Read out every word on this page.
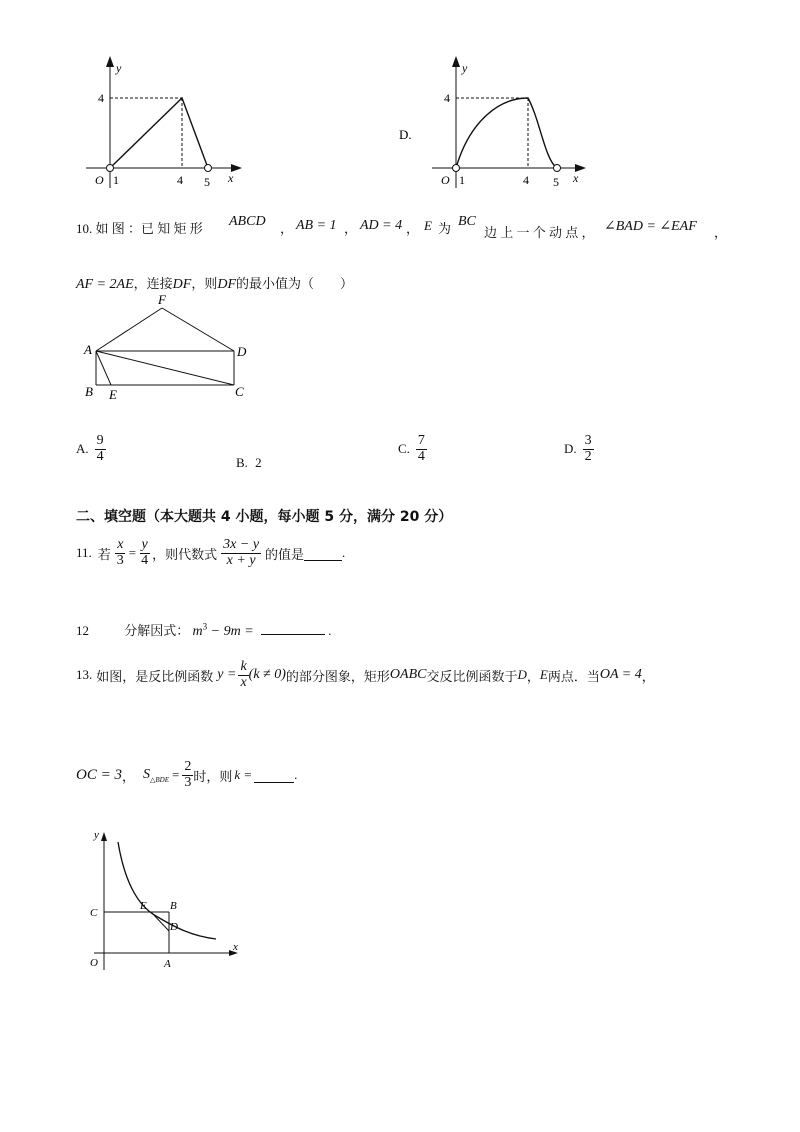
y
4
O 1	4 5 x
D.
y
4
O 1	4 5 x
10. 如 图 ：已 知 矩 形 ABCD ， AB = 1 ， AD = 4 ， E 为 BC
边 上 一 个 动 点 ， ∠BAD = ∠EAF ，
AF = 2AE，连接DF，则DF的最小值为（　　）
F
A	D
B E	C
A. $\frac{9}{4}$	B. 2
C. $\frac{7}{4}$	D. $\frac{3}{2}$
二、填空题（本大题共 4 小题，每小题 5 分，满分 20 分）
11. 若 $\frac{x}{3} = \frac{y}{4}$ ，则代数式 $\frac{3x - y}{x + y}$ 的值是	.
12	分解因式： $m^3 - 9m$ =	.
13. 如图，是反比例函数 $y = \frac{k}{x} (k \ne 0)$ 的部分图象，矩形 OABC 交反比例函数于 D ， E 两点．当 OA = 4 ，
OC = 3 ， $S_{\triangle BDE} = \frac{2}{3}$ 时，则 k =	.
y
x
O	A
B
C
D
E
